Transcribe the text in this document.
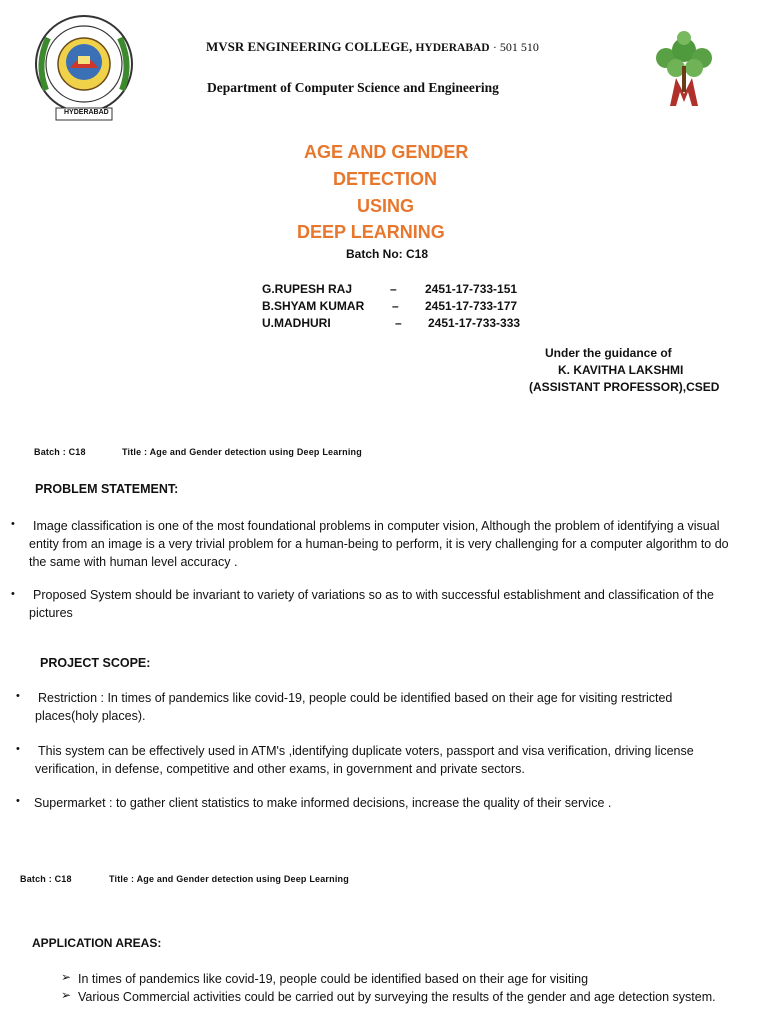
HYDERABAD
MVSR ENGINEERING COLLEGE, HYDERABAD · 501 510
Department of Computer Science and Engineering
AGE AND GENDER
DETECTION
USING
DEEP LEARNING
Batch No: C18
G.RUPESH RAJ	– 2451-17-733-151
B.SHYAM KUMAR – 2451-17-733-177
U.MADHURI	– 2451-17-733-333
Under the guidance of
K. KAVITHA LAKSHMI
(ASSISTANT PROFESSOR),CSED
Batch : C18	Title : Age and Gender detection using Deep Learning
PROBLEM STATEMENT:
•	Image classification is one of the most foundational problems in computer vision, Although the problem of identifying a visual entity from an image is a very trivial problem for a human-being to perform, it is very challenging for a computer algorithm to do the same with human level accuracy .
•	Proposed System should be invariant to variety of variations so as to with successful establishment and classification of the pictures
PROJECT SCOPE:
• Restriction : In times of pandemics like covid-19, people could be identified based on their age for visiting restricted places(holy places).
• This system can be effectively used in ATM's ,identifying duplicate voters, passport and visa verification, driving license verification, in defense, competitive and other exams, in government and private sectors.
• Supermarket : to gather client statistics to make informed decisions, increase the quality of their service .
Batch : C18	Title : Age and Gender detection using Deep Learning
APPLICATION AREAS:
➢ In times of pandemics like covid-19, people could be identified based on their age for visiting
➢ Various Commercial activities could be carried out by surveying the results of the gender and age detection system.
